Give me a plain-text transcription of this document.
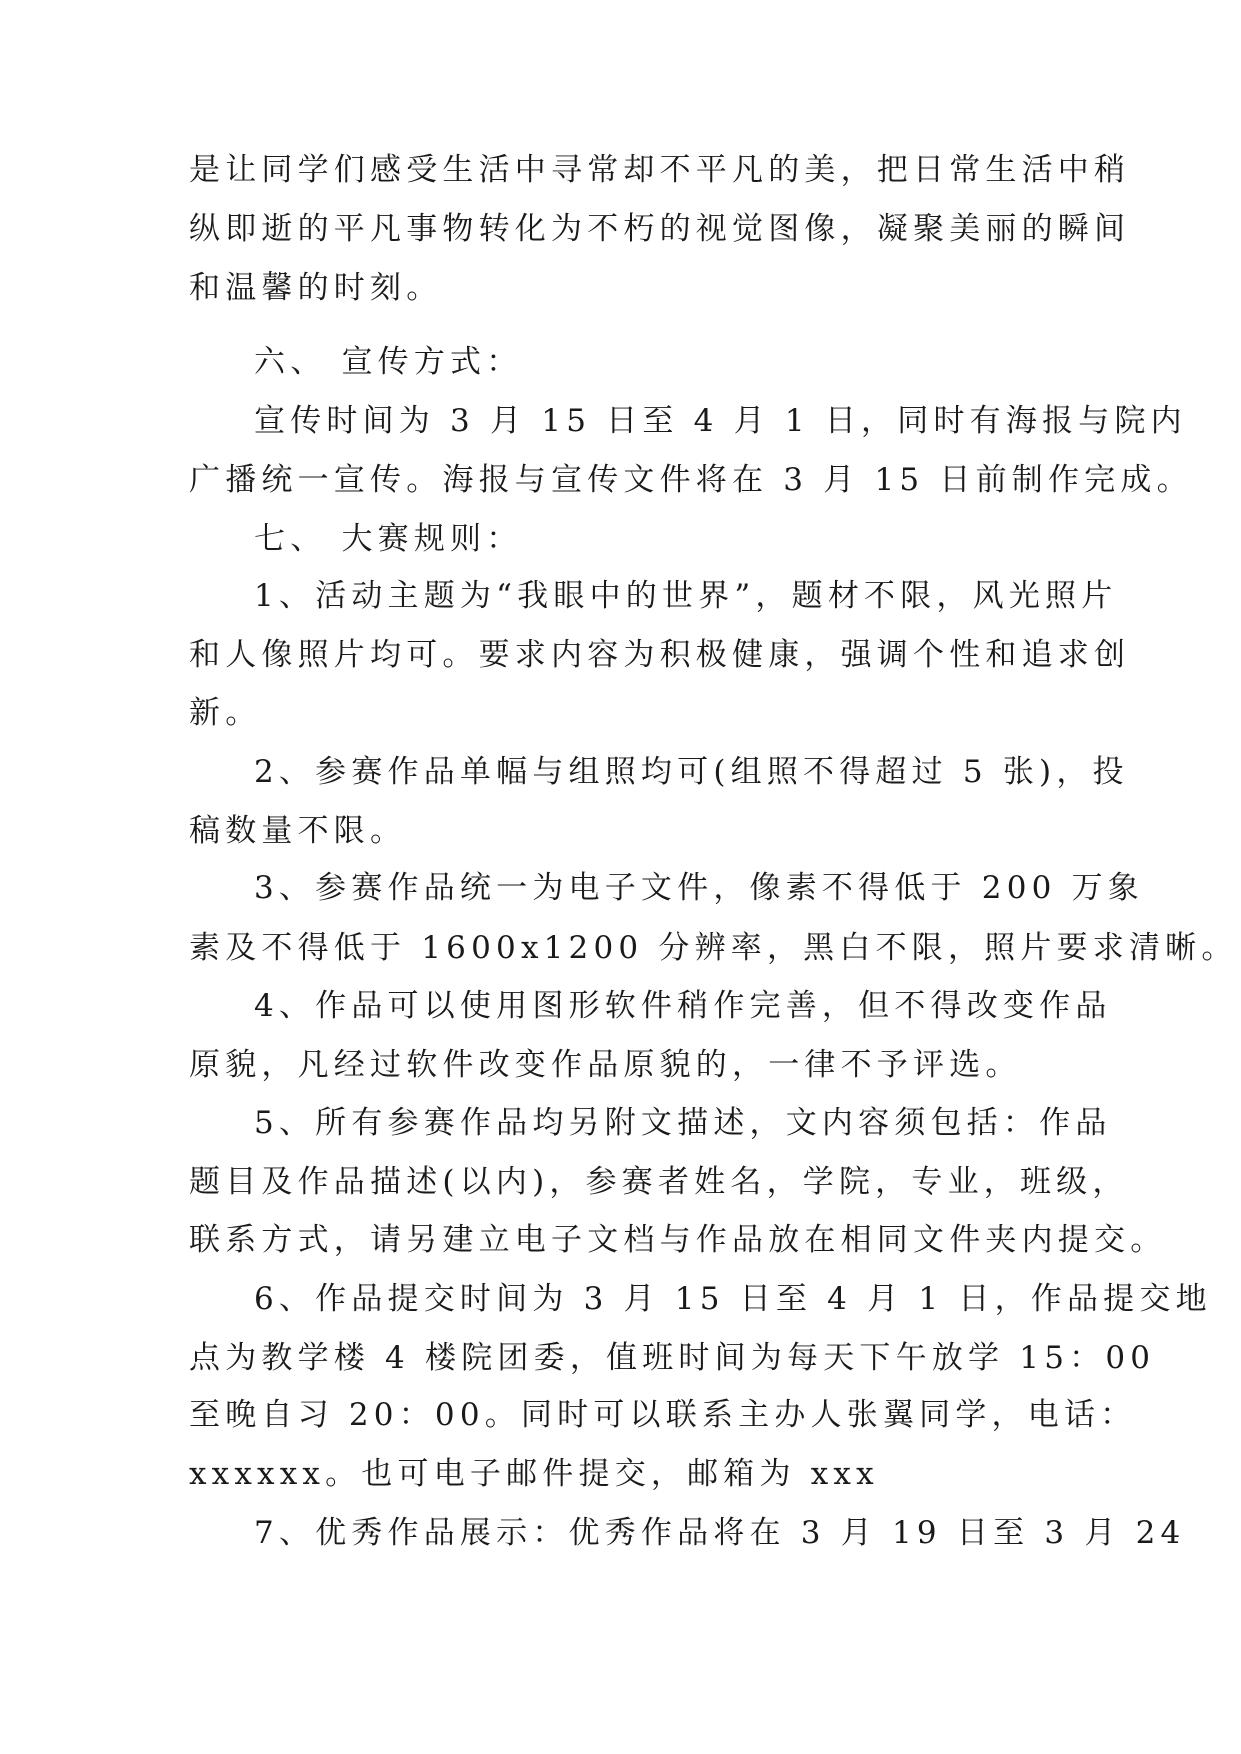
是让同学们感受生活中寻常却不平凡的美，把日常生活中稍

纵即逝的平凡事物转化为不朽的视觉图像，凝聚美丽的瞬间

和温馨的时刻。

六、 宣传方式：

宣传时间为 3 月 15 日至 4 月 1 日，同时有海报与院内

广播统一宣传。海报与宣传文件将在 3 月 15 日前制作完成。

七、 大赛规则：

1、活动主题为“我眼中的世界”，题材不限，风光照片

和人像照片均可。要求内容为积极健康，强调个性和追求创

新。

2、参赛作品单幅与组照均可(组照不得超过 5 张)，投

稿数量不限。

3、参赛作品统一为电子文件，像素不得低于 200 万象

素及不得低于 1600x1200 分辨率，黑白不限，照片要求清晰。

4、作品可以使用图形软件稍作完善，但不得改变作品

原貌，凡经过软件改变作品原貌的，一律不予评选。

5、所有参赛作品均另附文描述，文内容须包括：作品

题目及作品描述(以内)，参赛者姓名，学院，专业，班级，

联系方式，请另建立电子文档与作品放在相同文件夹内提交。

6、作品提交时间为 3 月 15 日至 4 月 1 日，作品提交地

点为教学楼 4 楼院团委，值班时间为每天下午放学 15：00

至晚自习 20：00。同时可以联系主办人张翼同学，电话：

xxxxxx。也可电子邮件提交，邮箱为 xxx

7、优秀作品展示：优秀作品将在 3 月 19 日至 3 月 24
